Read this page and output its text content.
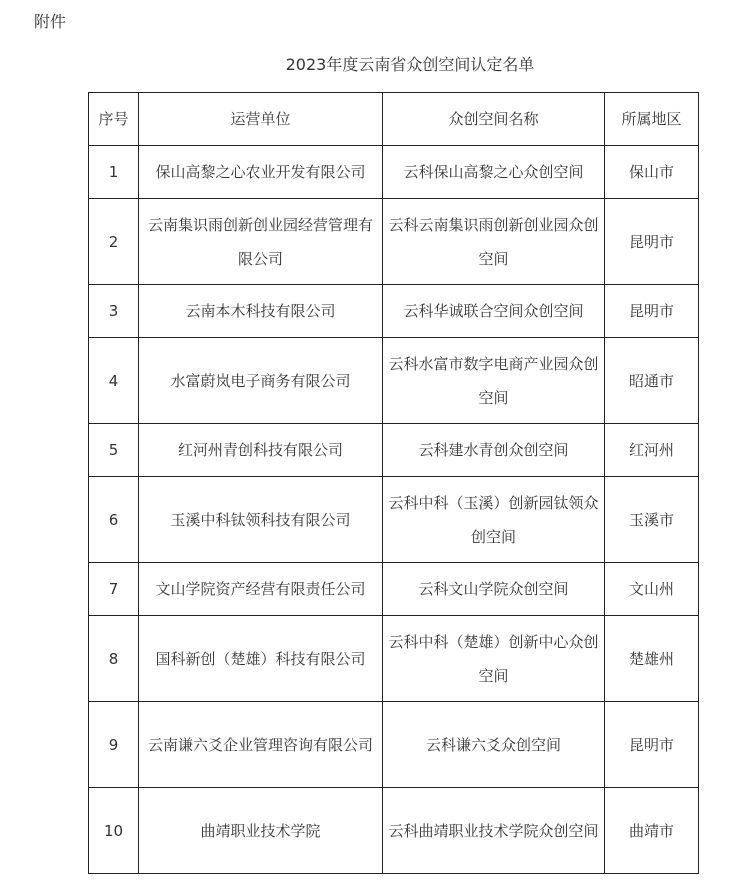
附件
2023年度云南省众创空间认定名单
序号	运营单位	众创空间名称	所属地区
1	保山高黎之心农业开发有限公司	云科保山高黎之心众创空间	保山市
2	云南集识雨创新创业园经营管理有限公司	云科云南集识雨创新创业园众创空间	昆明市
3	云南本木科技有限公司	云科华诚联合空间众创空间	昆明市
4	水富蔚岚电子商务有限公司	云科水富市数字电商产业园众创空间	昭通市
5	红河州青创科技有限公司	云科建水青创众创空间	红河州
6	玉溪中科钛领科技有限公司	云科中科（玉溪）创新园钛领众创空间	玉溪市
7	文山学院资产经营有限责任公司	云科文山学院众创空间	文山州
8	国科新创（楚雄）科技有限公司	云科中科（楚雄）创新中心众创空间	楚雄州
9	云南谦六爻企业管理咨询有限公司	云科谦六爻众创空间	昆明市
10	曲靖职业技术学院	云科曲靖职业技术学院众创空间	曲靖市
